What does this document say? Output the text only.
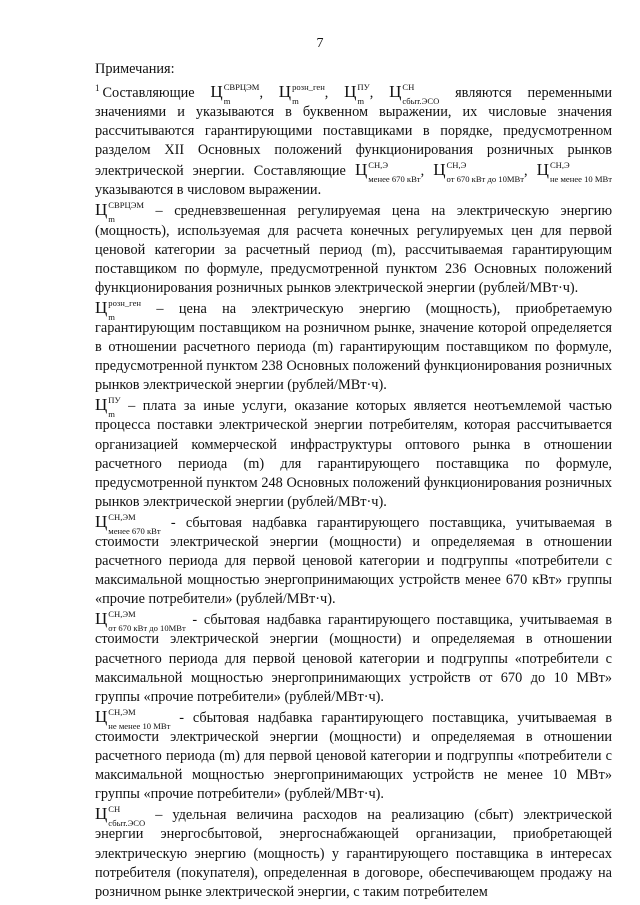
7
Примечания:

$^1$ Составляющие Ц СВРЦЭМ
m	, Ц розн_ген
m	, Ц ПУ
m , Ц СН
сбыт.ЭСО являются переменными значениями и указываются в буквенном выражении, их числовые значения рассчитываются гарантирующими поставщиками в порядке, предусмотренном разделом XII Основных положений функционирования розничных рынков электрической энергии. Составляющие Ц СН,Э
менее 670 кВт , Ц СН,Э
от 670 кВт до 10МВт , Ц СН,Э
не менее 10 МВт
указываются в числовом выражении.

Ц СВРЦЭМ
m	– средневзвешенная регулируемая цена на электрическую энергию (мощность), используемая для расчета конечных регулируемых цен для первой ценовой категории за расчетный период (m), рассчитываемая гарантирующим поставщиком по формуле, предусмотренной пунктом 236 Основных положений функционирования розничных рынков электрической энергии (рублей/МВт·ч).

Ц розн_ген
m	– цена на электрическую энергию (мощность), приобретаемую гарантирующим поставщиком на розничном рынке, значение которой определяется в отношении расчетного периода (m) гарантирующим поставщиком по формуле, предусмотренной пунктом 238 Основных положений функционирования розничных рынков электрической энергии (рублей/МВт·ч).

Ц ПУ
m – плата за иные услуги, оказание которых является неотъемлемой частью процесса поставки электрической энергии потребителям, которая рассчитывается организацией коммерческой инфраструктуры оптового рынка в отношении расчетного периода (m) для гарантирующего поставщика по формуле, предусмотренной пунктом 248 Основных положений функционирования розничных рынков электрической энергии (рублей/МВт·ч).

Ц СН,ЭМ
менее 670 кВт - сбытовая надбавка гарантирующего поставщика, учитываемая в стоимости электрической энергии (мощности) и определяемая в отношении расчетного периода для первой ценовой категории и подгруппы «потребители с максимальной мощностью энергопринимающих устройств менее 670 кВт» группы «прочие потребители» (рублей/МВт·ч).

Ц СН,ЭМ
от 670 кВт до 10МВт - сбытовая надбавка гарантирующего поставщика, учитываемая в стоимости электрической энергии (мощности) и определяемая в отношении расчетного периода для первой ценовой категории и подгруппы «потребители с максимальной мощностью энергопринимающих устройств от 670 до 10 МВт» группы «прочие потребители» (рублей/МВт·ч).

Ц СН,ЭМ
не менее 10 МВт - сбытовая надбавка гарантирующего поставщика, учитываемая в стоимости электрической энергии (мощности) и определяемая в отношении расчетного периода (m) для первой ценовой категории и подгруппы «потребители с максимальной мощностью энергопринимающих устройств не менее 10 МВт» группы «прочие потребители» (рублей/МВт·ч).

Ц СН
сбыт.ЭСО – удельная величина расходов на реализацию (сбыт) электрической энергии энергосбытовой, энергоснабжающей организации, приобретающей электрическую энергию (мощность) у гарантирующего поставщика в интересах потребителя (покупателя), определенная в договоре, обеспечивающем продажу на розничном рынке электрической энергии, с таким потребителем
